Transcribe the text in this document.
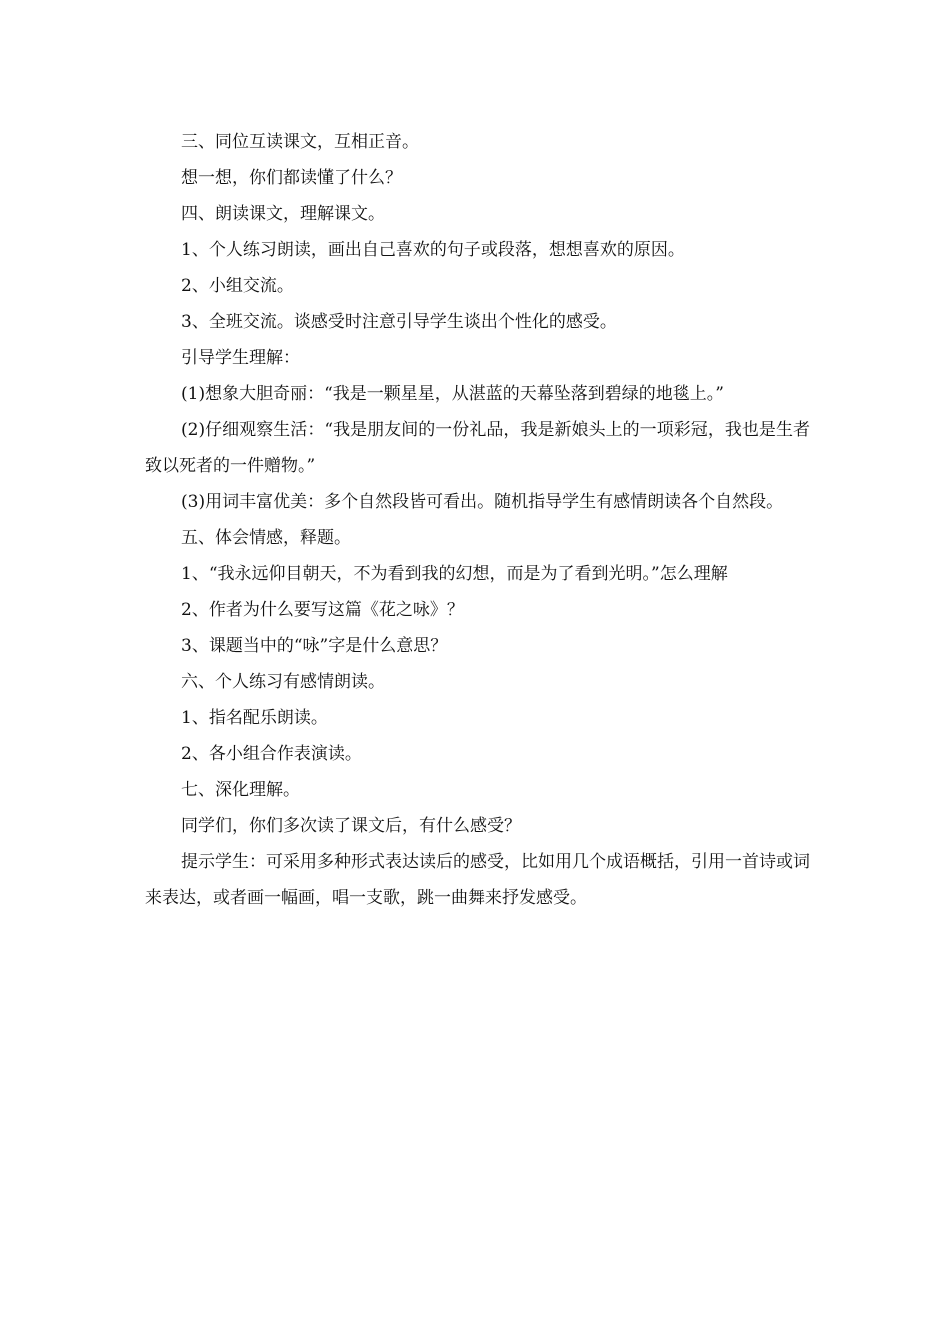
三、同位互读课文，互相正音。

想一想，你们都读懂了什么？

四、朗读课文，理解课文。

1、个人练习朗读，画出自己喜欢的句子或段落，想想喜欢的原因。

2、小组交流。

3、全班交流。谈感受时注意引导学生谈出个性化的感受。

引导学生理解：

(1)想象大胆奇丽：“我是一颗星星，从湛蓝的天幕坠落到碧绿的地毯上。”

(2)仔细观察生活：“我是朋友间的一份礼品，我是新娘头上的一项彩冠，我也是生者致以死者的一件赠物。”

(3)用词丰富优美：多个自然段皆可看出。随机指导学生有感情朗读各个自然段。

五、体会情感，释题。

1、“我永远仰目朝天，不为看到我的幻想，而是为了看到光明。”怎么理解

2、作者为什么要写这篇《花之咏》？

3、课题当中的“咏”字是什么意思？

六、个人练习有感情朗读。

1、指名配乐朗读。

2、各小组合作表演读。

七、深化理解。

同学们，你们多次读了课文后，有什么感受？

提示学生：可采用多种形式表达读后的感受，比如用几个成语概括，引用一首诗或词来表达，或者画一幅画，唱一支歌，跳一曲舞来抒发感受。
